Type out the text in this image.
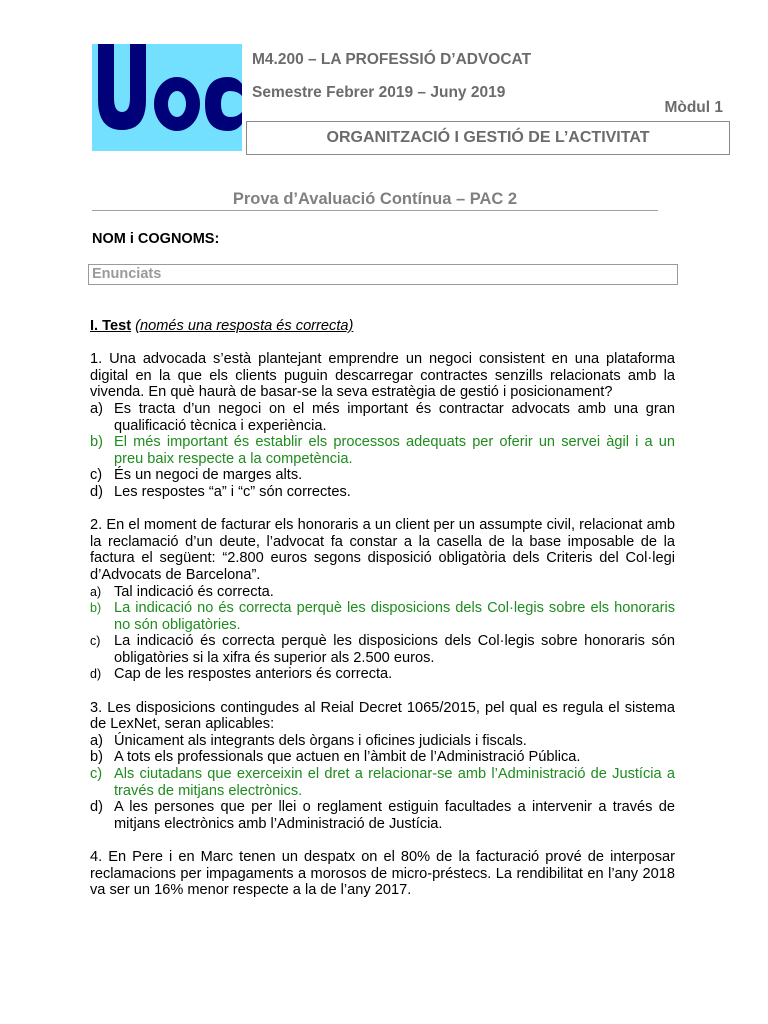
M4.200 – LA PROFESSIÓ D’ADVOCAT
Semestre Febrer 2019 – Juny 2019
Mòdul 1
ORGANITZACIÓ I GESTIÓ DE L’ACTIVITAT
Prova d’Avaluació Contínua – PAC 2
NOM i COGNOMS:
Enunciats

I. Test (només una resposta és correcta)

1. Una advocada s’està plantejant emprendre un negoci consistent en una plataforma digital en la que els clients puguin descarregar contractes senzills relacionats amb la vivenda. En què haurà de basar-se la seva estratègia de gestió i posicionament?

a) Es tracta d’un negoci on el més important és contractar advocats amb una gran qualificació tècnica i experiència.
b) El més important és establir els processos adequats per oferir un servei àgil i a un preu baix respecte a la competència.
c) És un negoci de marges alts.
d) Les respostes “a” i “c” són correctes.

2. En el moment de facturar els honoraris a un client per un assumpte civil, relacionat amb la reclamació d’un deute, l’advocat fa constar a la casella de la base imposable de la factura el següent: “2.800 euros segons disposició obligatòria dels Criteris del Col·legi d’Advocats de Barcelona”.

a) Tal indicació és correcta.
b) La indicació no és correcta perquè les disposicions dels Col·legis sobre els honoraris no són obligatòries.
c) La indicació és correcta perquè les disposicions dels Col·legis sobre honoraris són obligatòries si la xifra és superior als 2.500 euros.
d) Cap de les respostes anteriors és correcta.

3. Les disposicions contingudes al Reial Decret 1065/2015, pel qual es regula el sistema de LexNet, seran aplicables:

a) Únicament als integrants dels òrgans i oficines judicials i fiscals.
b) A tots els professionals que actuen en l’àmbit de l’Administració Pública.
c) Als ciutadans que exerceixin el dret a relacionar-se amb l’Administració de Justícia a través de mitjans electrònics.
d) A les persones que per llei o reglament estiguin facultades a intervenir a través de mitjans electrònics amb l’Administració de Justícia.

4. En Pere i en Marc tenen un despatx on el 80% de la facturació prové de interposar reclamacions per impagaments a morosos de micro-préstecs. La rendibilitat en l’any 2018 va ser un 16% menor respecte a la de l’any 2017.
